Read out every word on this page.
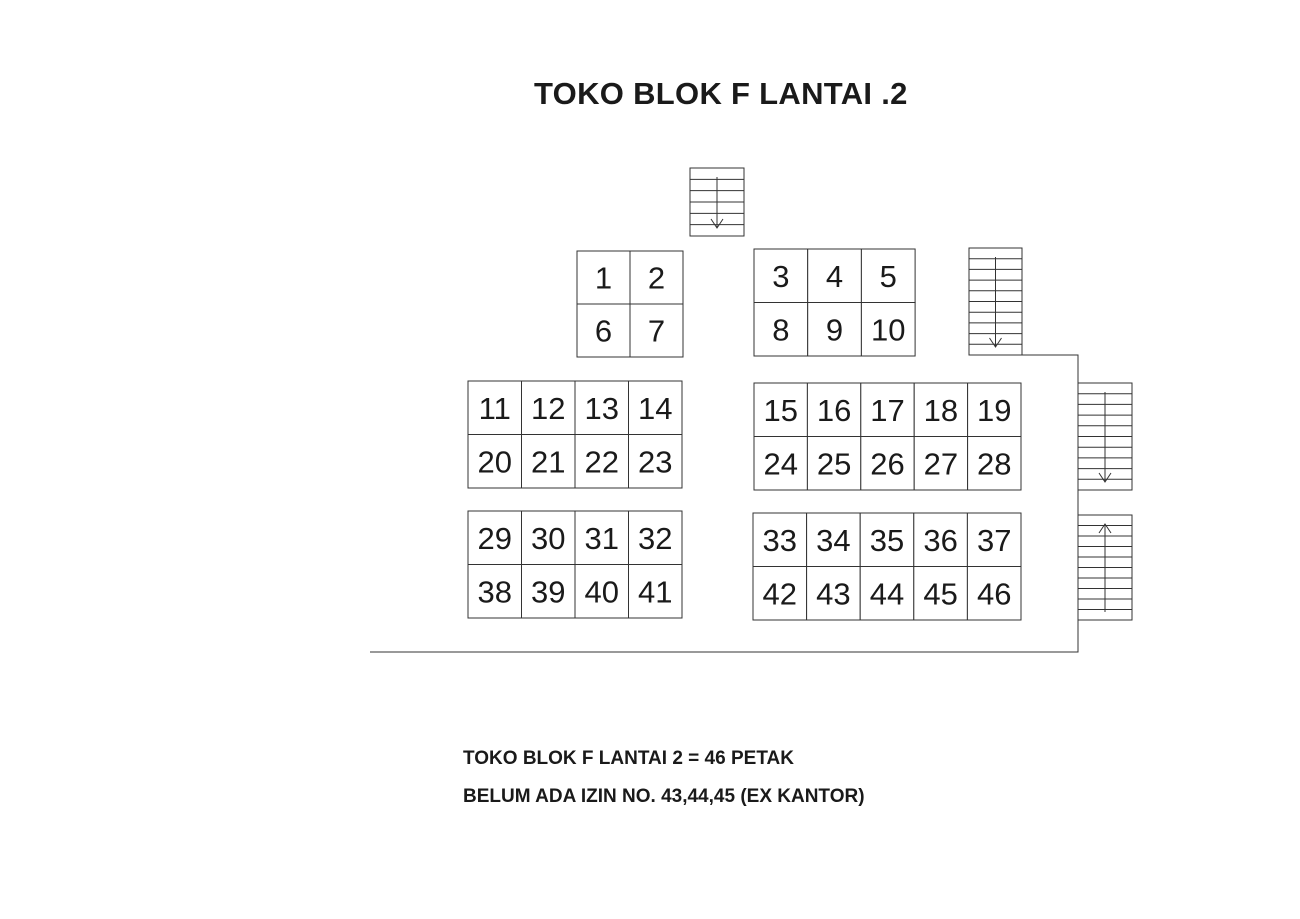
TOKO BLOK F LANTAI .2
1 2
6 7
3 4 5
8 9 10
11 12 13 14
20 21 22 23
15 16 17 18 19
24 25 26 27 28
29 30 31 32
38 39 40 41
33 34 35 36 37
42 43 44 45 46
TOKO BLOK F LANTAI 2 = 46 PETAK
BELUM ADA IZIN NO. 43,44,45 (EX KANTOR)
